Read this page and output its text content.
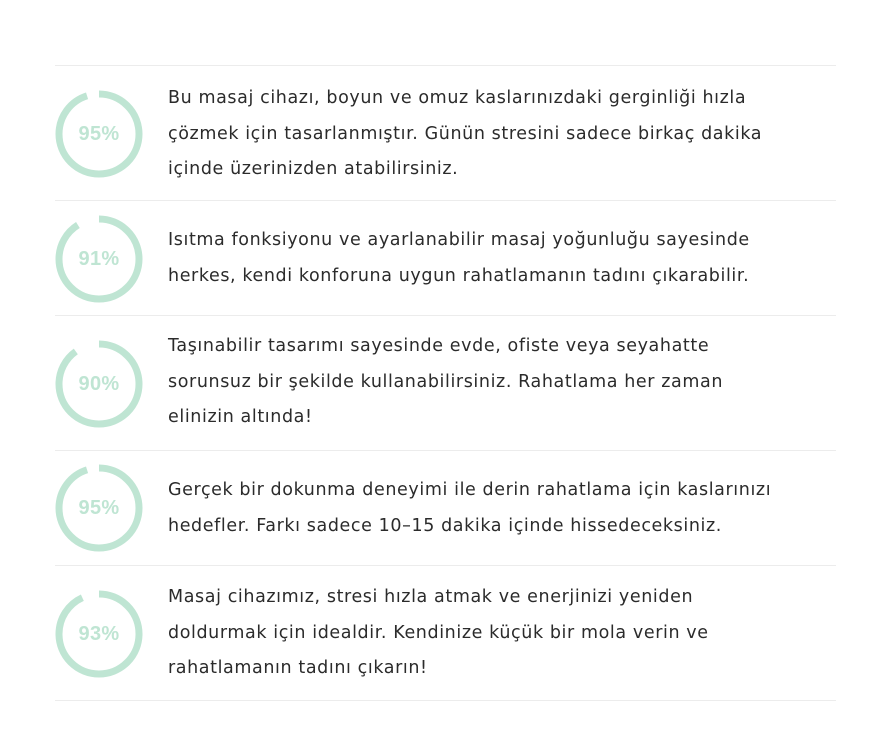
95%
Bu masaj cihazı, boyun ve omuz kaslarınızdaki gerginliği hızla
çözmek için tasarlanmıştır. Günün stresini sadece birkaç dakika
içinde üzerinizden atabilirsiniz.
91%
Isıtma fonksiyonu ve ayarlanabilir masaj yoğunluğu sayesinde
herkes, kendi konforuna uygun rahatlamanın tadını çıkarabilir.
90%
Taşınabilir tasarımı sayesinde evde, ofiste veya seyahatte
sorunsuz bir şekilde kullanabilirsiniz. Rahatlama her zaman
elinizin altında!
95%
Gerçek bir dokunma deneyimi ile derin rahatlama için kaslarınızı
hedefler. Farkı sadece 10–15 dakika içinde hissedeceksiniz.
93%
Masaj cihazımız, stresi hızla atmak ve enerjinizi yeniden
doldurmak için idealdir. Kendinize küçük bir mola verin ve
rahatlamanın tadını çıkarın!
